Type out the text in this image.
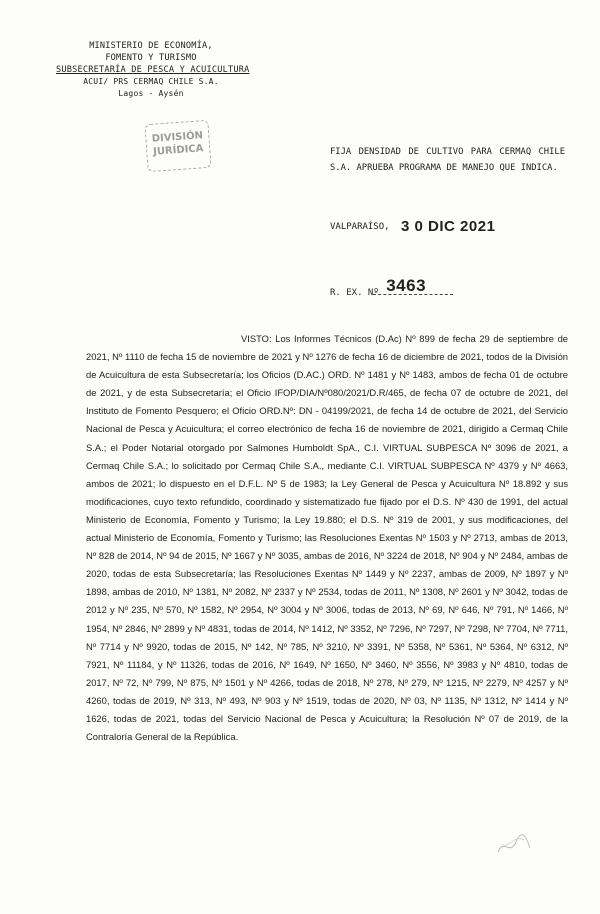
MINISTERIO DE ECONOMÍA,
FOMENTO Y TURISMO
SUBSECRETARÍA DE PESCA Y ACUICULTURA
ACUI/ PRS CERMAQ CHILE S.A.
Lagos - Aysén
DIVISIÓN
JURÍDICA	FIJA DENSIDAD DE CULTIVO PARA CERMAQ CHILE S.A. APRUEBA PROGRAMA DE MANEJO QUE INDICA.
VALPARAÍSO, 3 0 DIC 2021
R. EX. Nº 3463
VISTO: Los Informes Técnicos (D.Ac) Nº 899 de fecha 29 de septiembre de 2021, Nº 1110 de fecha 15 de noviembre de 2021 y Nº 1276 de fecha 16 de diciembre de 2021, todos de la División de Acuicultura de esta Subsecretaría; los Oficios (D.AC.) ORD. Nº 1481 y Nº 1483, ambos de fecha 01 de octubre de 2021, y de esta Subsecretaría; el Oficio IFOP/DIA/Nº080/2021/D.R/465, de fecha 07 de octubre de 2021, del Instituto de Fomento Pesquero; el Oficio ORD.Nº: DN - 04199/2021, de fecha 14 de octubre de 2021, del Servicio Nacional de Pesca y Acuicultura; el correo electrónico de fecha 16 de noviembre de 2021, dirigido a Cermaq Chile S.A.; el Poder Notarial otorgado por Salmones Humboldt SpA., C.I. VIRTUAL SUBPESCA Nº 3096 de 2021, a Cermaq Chile S.A.; lo solicitado por Cermaq Chile S.A., mediante C.I. VIRTUAL SUBPESCA Nº 4379 y Nº 4663, ambos de 2021; lo dispuesto en el D.F.L. Nº 5 de 1983; la Ley General de Pesca y Acuicultura Nº 18.892 y sus modificaciones, cuyo texto refundido, coordinado y sistematizado fue fijado por el D.S. Nº 430 de 1991, del actual Ministerio de Economía, Fomento y Turismo; la Ley 19.880; el D.S. Nº 319 de 2001, y sus modificaciones, del actual Ministerio de Economía, Fomento y Turismo; las Resoluciones Exentas Nº 1503 y Nº 2713, ambas de 2013, Nº 828 de 2014, Nº 94 de 2015, Nº 1667 y Nº 3035, ambas de 2016, Nº 3224 de 2018, Nº 904 y Nº 2484, ambas de 2020, todas de esta Subsecretaría; las Resoluciones Exentas Nº 1449 y Nº 2237, ambas de 2009, Nº 1897 y Nº 1898, ambas de 2010, Nº 1381, Nº 2082, Nº 2337 y Nº 2534, todas de 2011, Nº 1308, Nº 2601 y Nº 3042, todas de 2012 y Nº 235, Nº 570, Nº 1582, Nº 2954, Nº 3004 y Nº 3006, todas de 2013, Nº 69, Nº 646, Nº 791, Nº 1466, Nº 1954, Nº 2846, Nº 2899 y Nº 4831, todas de 2014, Nº 1412, Nº 3352, Nº 7296, Nº 7297, Nº 7298, Nº 7704, Nº 7711, Nº 7714 y Nº 9920, todas de 2015, Nº 142, Nº 785, Nº 3210, Nº 3391, Nº 5358, Nº 5361, Nº 5364, Nº 6312, Nº 7921, Nº 11184, y Nº 11326, todas de 2016, Nº 1649, Nº 1650, Nº 3460, Nº 3556, Nº 3983 y Nº 4810, todas de 2017, Nº 72, Nº 799, Nº 875, Nº 1501 y Nº 4266, todas de 2018, Nº 278, Nº 279, Nº 1215, Nº 2279, Nº 4257 y Nº 4260, todas de 2019, Nº 313, Nº 493, Nº 903 y Nº 1519, todas de 2020, Nº 03, Nº 1135, Nº 1312, Nº 1414 y Nº 1626, todas de 2021, todas del Servicio Nacional de Pesca y Acuicultura; la Resolución Nº 07 de 2019, de la Contraloría General de la República.
